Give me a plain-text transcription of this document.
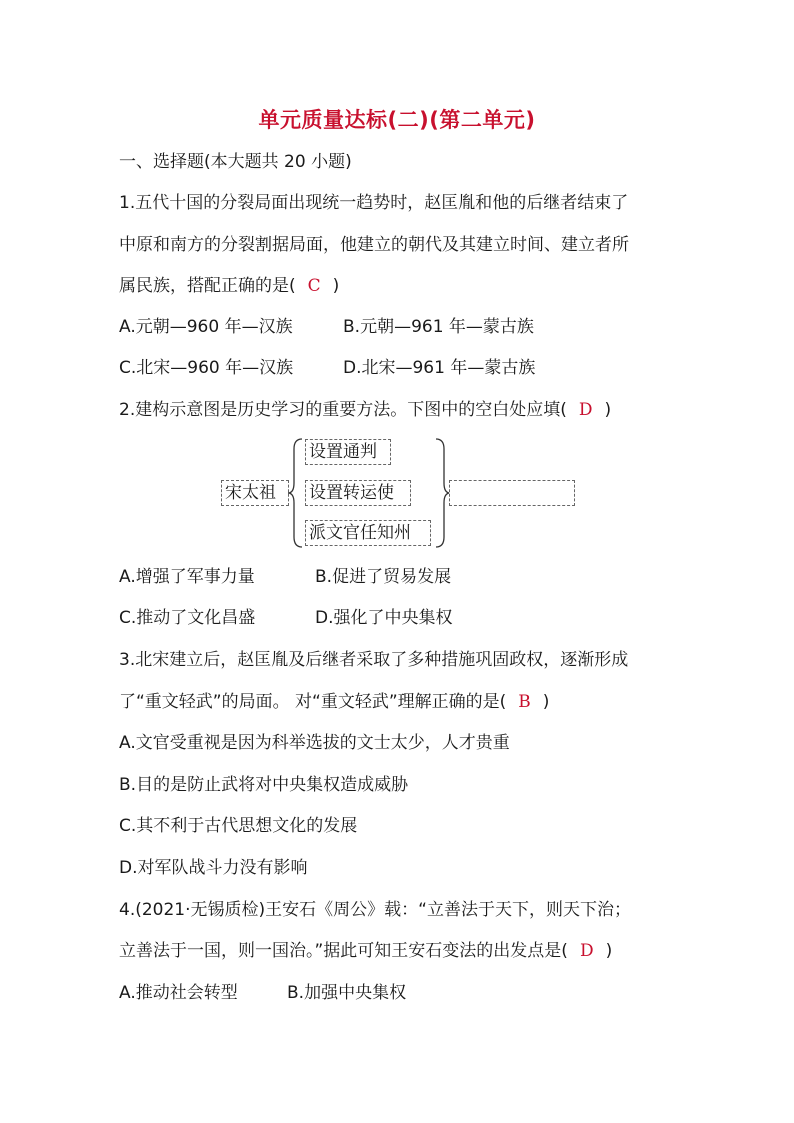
单元质量达标(二)(第二单元)
一、选择题(本大题共 20 小题)
1.五代十国的分裂局面出现统一趋势时，赵匡胤和他的后继者结束了
中原和南方的分裂割据局面，他建立的朝代及其建立时间、建立者所
属民族，搭配正确的是( C )
A.元朝—960 年—汉族	B.元朝—961 年—蒙古族
C.北宋—960 年—汉族	D.北宋—961 年—蒙古族
2.建构示意图是历史学习的重要方法。下图中的空白处应填( D )
宋太祖
设置通判
设置转运使
派文官任知州
A.增强了军事力量	B.促进了贸易发展
C.推动了文化昌盛	D.强化了中央集权
3.北宋建立后，赵匡胤及后继者采取了多种措施巩固政权，逐渐形成
了“重文轻武”的局面。 对“重文轻武”理解正确的是( B )
A.文官受重视是因为科举选拔的文士太少，人才贵重
B.目的是防止武将对中央集权造成威胁
C.其不利于古代思想文化的发展
D.对军队战斗力没有影响
4.(2021·无锡质检)王安石《周公》载：“立善法于天下，则天下治；
立善法于一国，则一国治。”据此可知王安石变法的出发点是( D )
A.推动社会转型	B.加强中央集权
